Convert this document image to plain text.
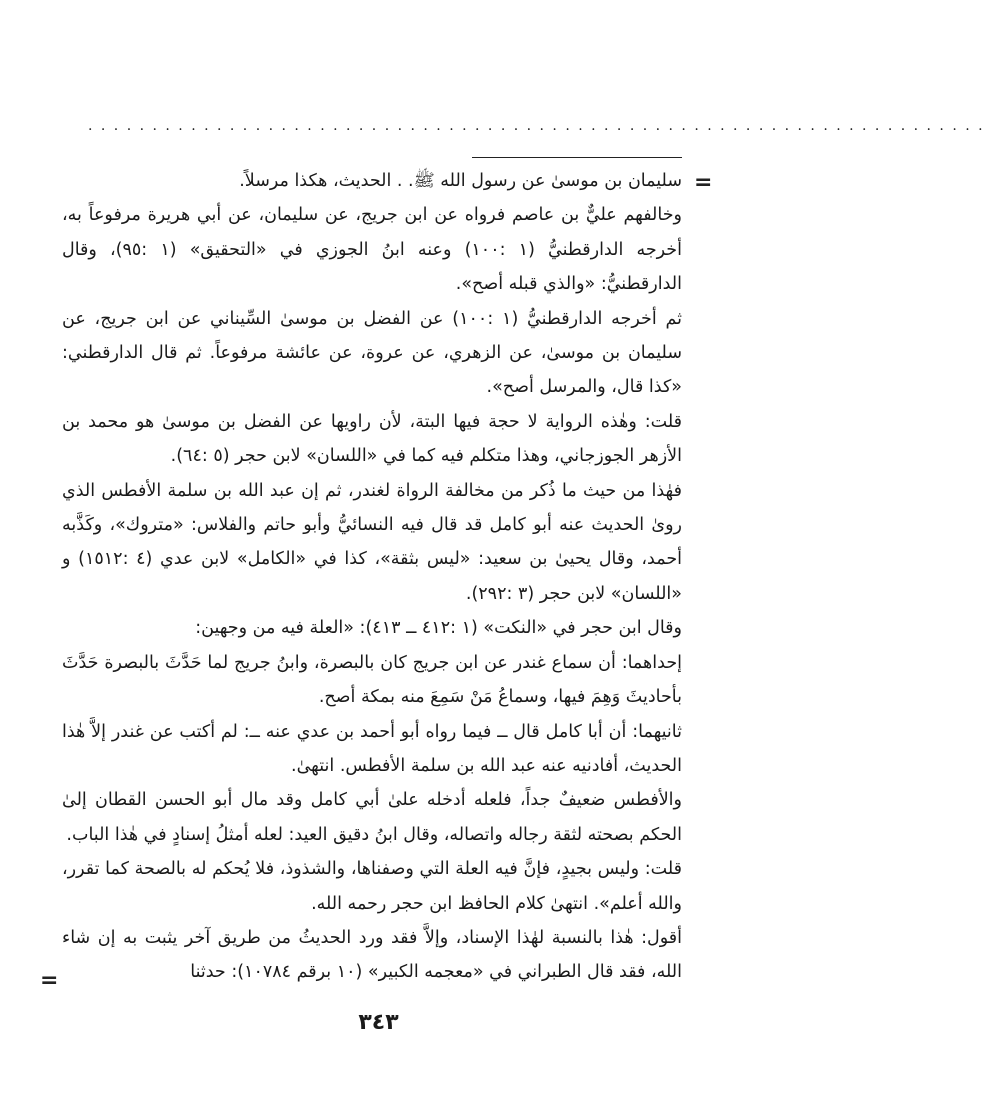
. . . . . . . . . . . . . . . . . . . . . . . . . . . . . . . . . . . . . . . . . . . . . . . . . . . . . . . . . . . . . . . . . . . . . .
=

سليمان بن موسىٰ عن رسول الله ﷺ. . الحديث، هكذا مرسلاً.

وخالفهم عليٌّ بن عاصم فرواه عن ابن جريج، عن سليمان، عن أبي هريرة مرفوعاً به، أخرجه الدارقطنيُّ (١ :١٠٠) وعنه ابنُ الجوزي في «التحقيق» (١ :٩٥)، وقال الدارقطنيُّ: «والذي قبله أصح».

ثم أخرجه الدارقطنيُّ (١ :١٠٠) عن الفضل بن موسىٰ السِّيناني عن ابن جريج، عن سليمان بن موسىٰ، عن الزهري، عن عروة، عن عائشة مرفوعاً. ثم قال الدارقطني: «كذا قال، والمرسل أصح».

قلت: وهٰذه الرواية لا حجة فيها البتة، لأن راويها عن الفضل بن موسىٰ هو محمد بن الأزهر الجوزجاني، وهذا متكلم فيه كما في «اللسان» لابن حجر (٥ :٦٤).

فهٰذا من حيث ما ذُكر من مخالفة الرواة لغندر، ثم إن عبد الله بن سلمة الأفطس الذي روىٰ الحديث عنه أبو كامل قد قال فيه النسائيُّ وأبو حاتم والفلاس: «متروك»، وكَذَّبه أحمد، وقال يحيىٰ بن سعيد: «ليس بثقة»، كذا في «الكامل» لابن عدي (٤ :١٥١٢) و «اللسان» لابن حجر (٣ :٢٩٢).

وقال ابن حجر في «النكت» (١ :٤١٢ ــ ٤١٣): «العلة فيه من وجهين:

إحداهما: أن سماع غندر عن ابن جريج كان بالبصرة، وابنُ جريج لما حَدَّثَ بالبصرة حَدَّثَ بأحاديثَ وَهِمَ فيها، وسماعُ مَنْ سَمِعَ منه بمكة أصح.

ثانيهما: أن أبا كامل قال ــ فيما رواه أبو أحمد بن عدي عنه ــ: لم أكتب عن غندر إلاَّ هٰذا الحديث، أفادنيه عنه عبد الله بن سلمة الأفطس. انتهىٰ.

والأفطس ضعيفٌ جداً، فلعله أدخله علىٰ أبي كامل وقد مال أبو الحسن القطان إلىٰ الحكم بصحته لثقة رجاله واتصاله، وقال ابنُ دقيق العيد: لعله أمثلُ إسنادٍ في هٰذا الباب.

قلت: وليس بجيدٍ، فإنَّ فيه العلة التي وصفناها، والشذوذ، فلا يُحكم له بالصحة كما تقرر، والله أعلم». انتهىٰ كلام الحافظ ابن حجر رحمه الله.

أقول: هٰذا بالنسبة لهٰذا الإسناد، وإلاَّ فقد ورد الحديثُ من طريق آخر يثبت به إن شاء الله، فقد قال الطبراني في «معجمه الكبير» (١٠ برقم ١٠٧٨٤): حدثنا

=
٣٤٣
